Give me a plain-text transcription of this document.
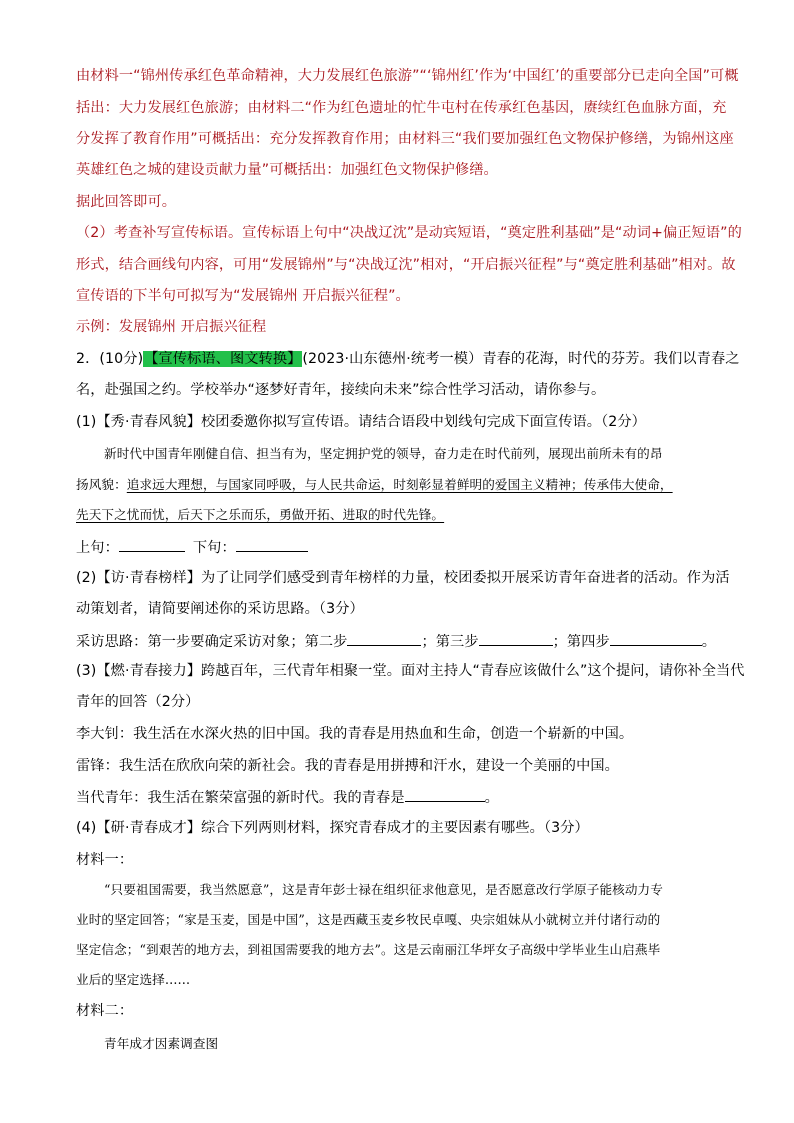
由材料一“锦州传承红色革命精神，大力发展红色旅游”“‘锦州红’作为‘中国红’的重要部分已走向全国”可概
括出：大力发展红色旅游；由材料二“作为红色遗址的忙牛屯村在传承红色基因，赓续红色血脉方面，充
分发挥了教育作用”可概括出：充分发挥教育作用；由材料三“我们要加强红色文物保护修缮，为锦州这座
英雄红色之城的建设贡献力量”可概括出：加强红色文物保护修缮。
据此回答即可。
（2）考查补写宣传标语。宣传标语上句中“决战辽沈”是动宾短语，“奠定胜利基础”是“动词+偏正短语”的
形式，结合画线句内容，可用“发展锦州”与“决战辽沈”相对，“开启振兴征程”与“奠定胜利基础”相对。故
宣传语的下半句可拟写为“发展锦州 开启振兴征程”。
示例：发展锦州 开启振兴征程
2．(10分)【宣传标语、图文转换】(2023·山东德州·统考一模）青春的花海，时代的芬芳。我们以青春之
名，赴强国之约。学校举办“逐梦好青年，接续向未来”综合性学习活动，请你参与。
(1)【秀·青春风貌】校团委邀你拟写宣传语。请结合语段中划线句完成下面宣传语。（2分）
新时代中国青年刚健自信、担当有为，坚定拥护党的领导，奋力走在时代前列，展现出前所未有的昂
扬风貌：追求远大理想，与国家同呼吸，与人民共命运，时刻彰显着鲜明的爱国主义精神；传承伟大使命，
先天下之忧而忧，后天下之乐而乐，勇做开拓、进取的时代先锋。
上句：	下句：
(2)【访·青春榜样】为了让同学们感受到青年榜样的力量，校团委拟开展采访青年奋进者的活动。作为活
动策划者，请简要阐述你的采访思路。（3分）
采访思路：第一步要确定采访对象；第二步	；第三步	；第四步	。
(3)【燃·青春接力】跨越百年，三代青年相聚一堂。面对主持人“青春应该做什么”这个提问，请你补全当代
青年的回答（2分）
李大钊：我生活在水深火热的旧中国。我的青春是用热血和生命，创造一个崭新的中国。
雷锋：我生活在欣欣向荣的新社会。我的青春是用拼搏和汗水，建设一个美丽的中国。
当代青年：我生活在繁荣富强的新时代。我的青春是	。
(4)【研·青春成才】综合下列两则材料，探究青春成才的主要因素有哪些。（3分）
材料一：
“只要祖国需要，我当然愿意”，这是青年彭士禄在组织征求他意见，是否愿意改行学原子能核动力专
业时的坚定回答；“家是玉麦，国是中国”，这是西藏玉麦乡牧民卓嘎、央宗姐妹从小就树立并付诸行动的
坚定信念；“到艰苦的地方去，到祖国需要我的地方去”。这是云南丽江华坪女子高级中学毕业生山启燕毕
业后的坚定选择……
材料二：
青年成才因素调查图
